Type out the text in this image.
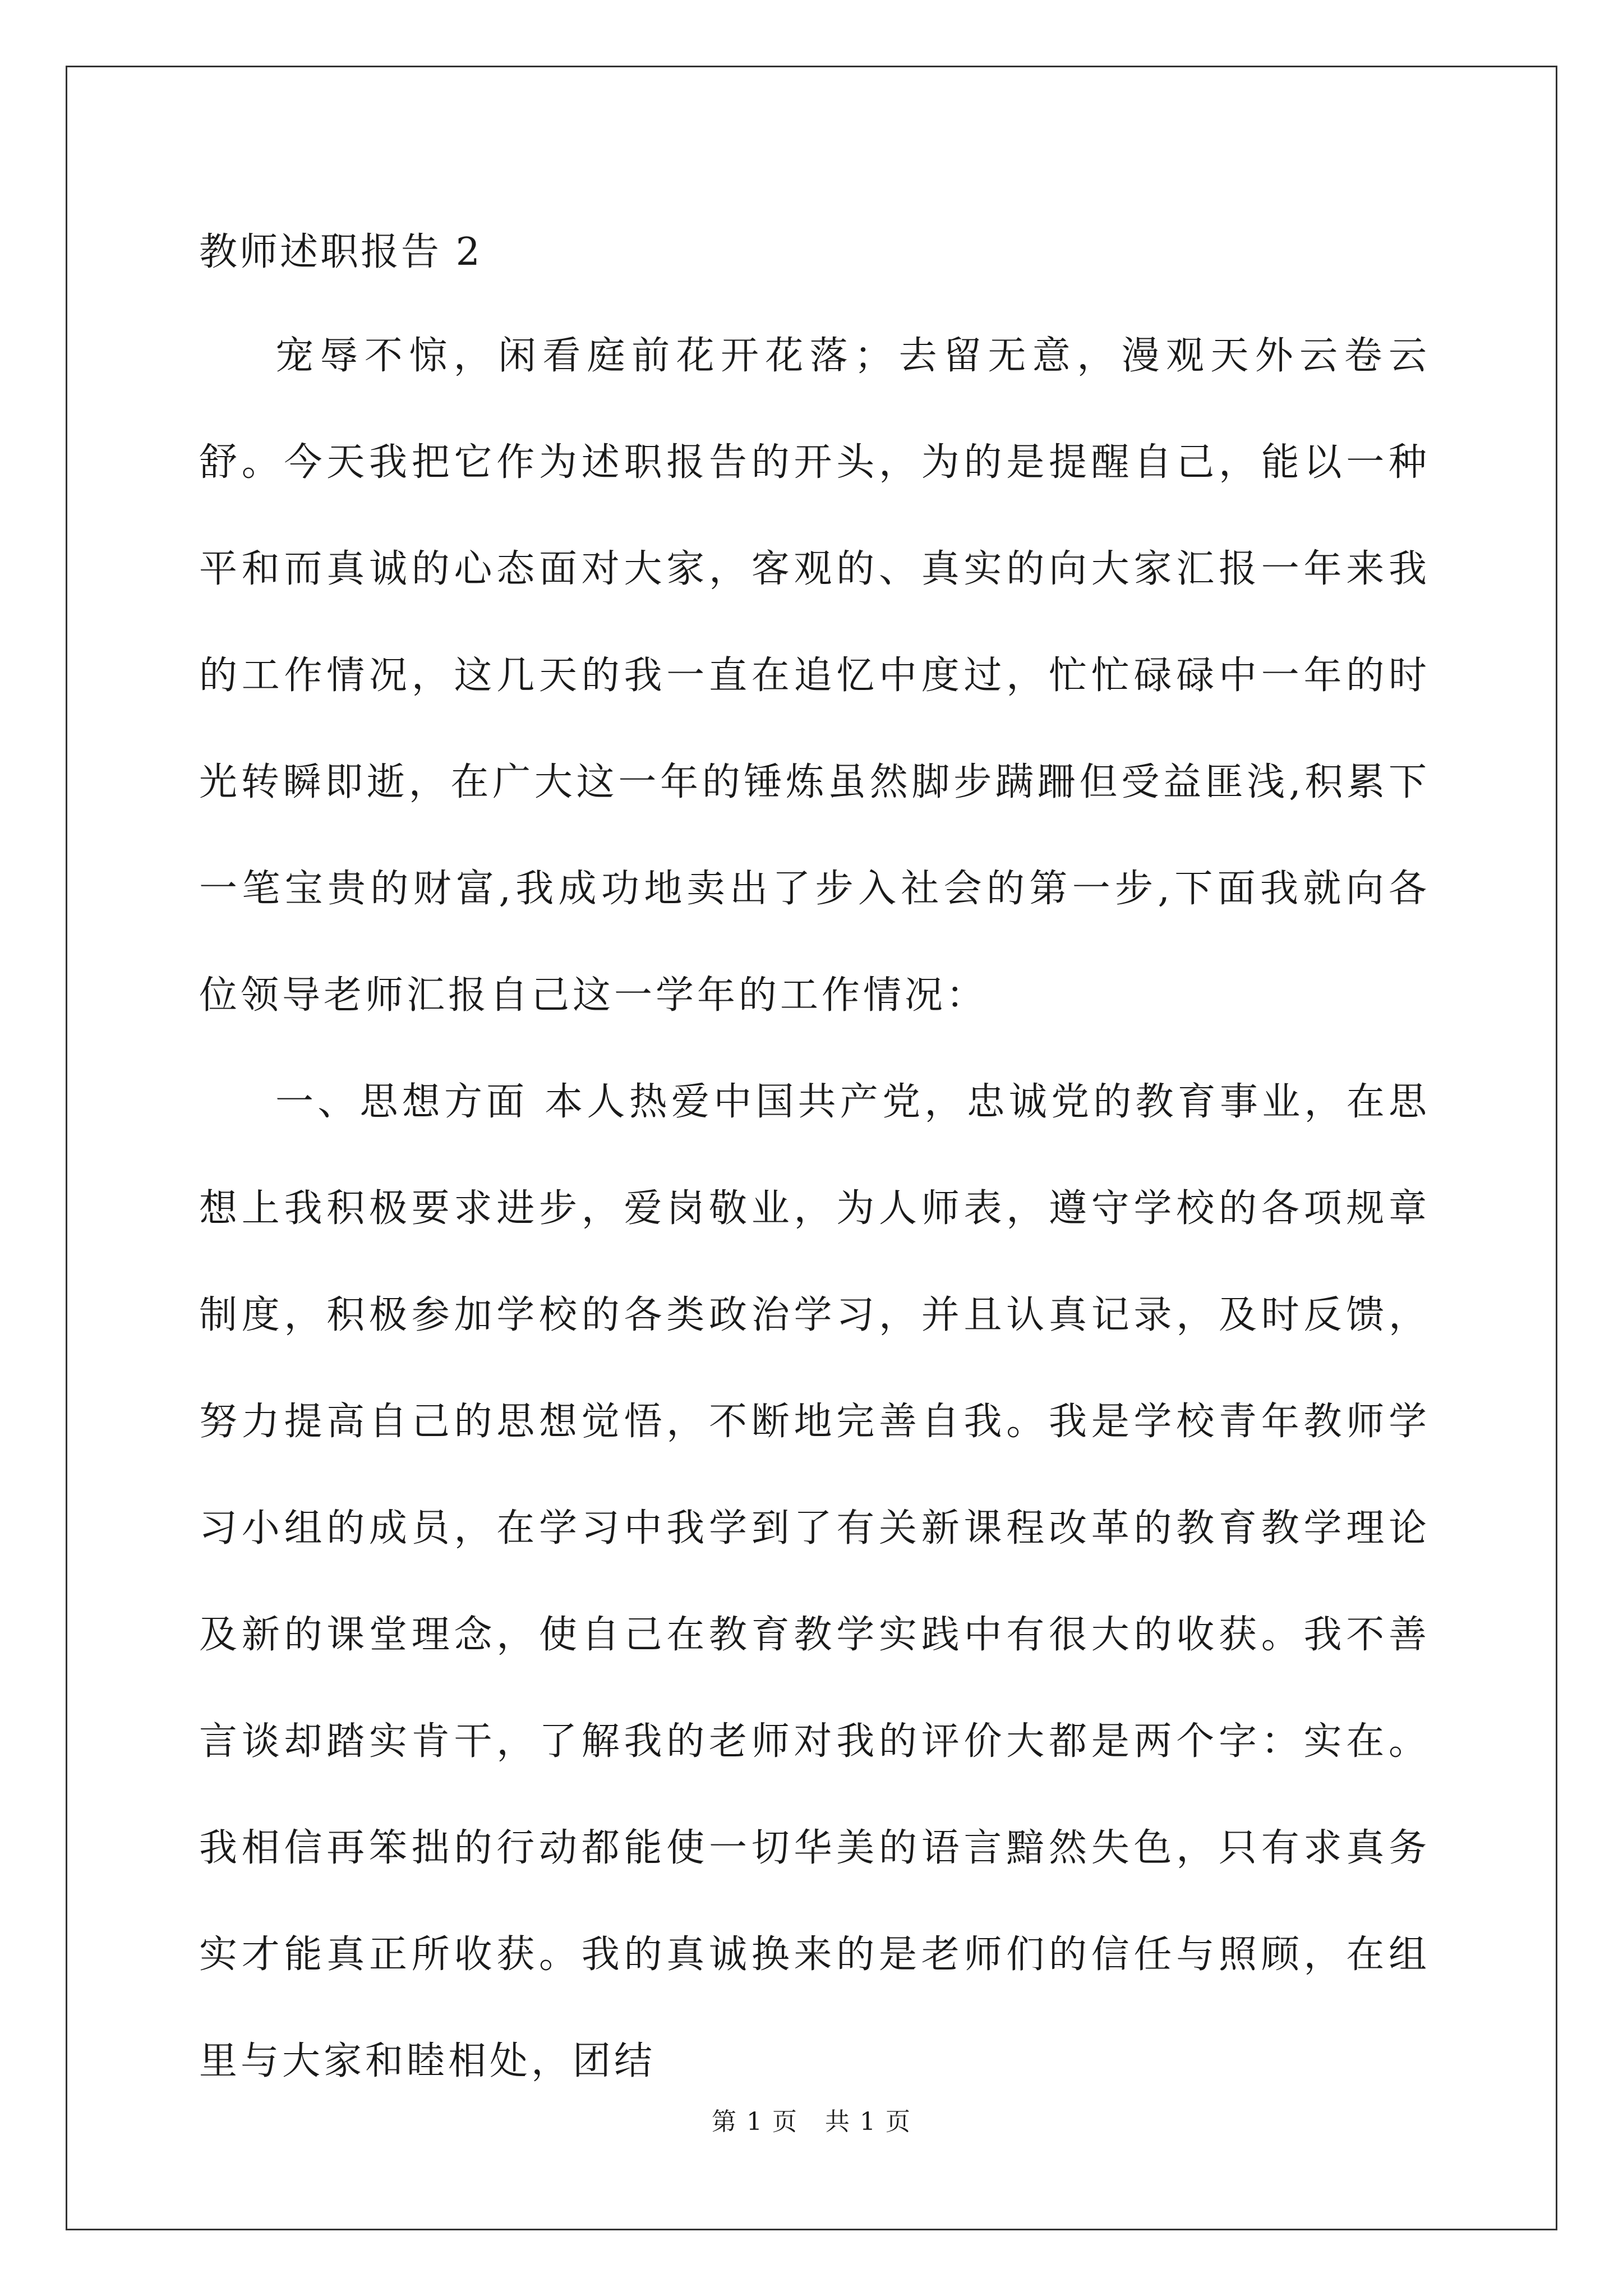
教师述职报告 2

宠辱不惊，闲看庭前花开花落；去留无意，漫观天外云卷云舒。今天我把它作为述职报告的开头，为的是提醒自己，能以一种平和而真诚的心态面对大家，客观的、真实的向大家汇报一年来我的工作情况，这几天的我一直在追忆中度过，忙忙碌碌中一年的时光转瞬即逝，在广大这一年的锤炼虽然脚步蹒跚但受益匪浅,积累下一笔宝贵的财富,我成功地卖出了步入社会的第一步,下面我就向各位领导老师汇报自己这一学年的工作情况：

一、思想方面 本人热爱中国共产党，忠诚党的教育事业，在思想上我积极要求进步，爱岗敬业，为人师表，遵守学校的各项规章制度，积极参加学校的各类政治学习，并且认真记录，及时反馈，努力提高自己的思想觉悟，不断地完善自我。我是学校青年教师学习小组的成员，在学习中我学到了有关新课程改革的教育教学理论及新的课堂理念，使自己在教育教学实践中有很大的收获。我不善言谈却踏实肯干，了解我的老师对我的评价大都是两个字：实在。我相信再笨拙的行动都能使一切华美的语言黯然失色，只有求真务实才能真正所收获。我的真诚换来的是老师们的信任与照顾，在组里与大家和睦相处，团结

第 1 页 共 1 页
